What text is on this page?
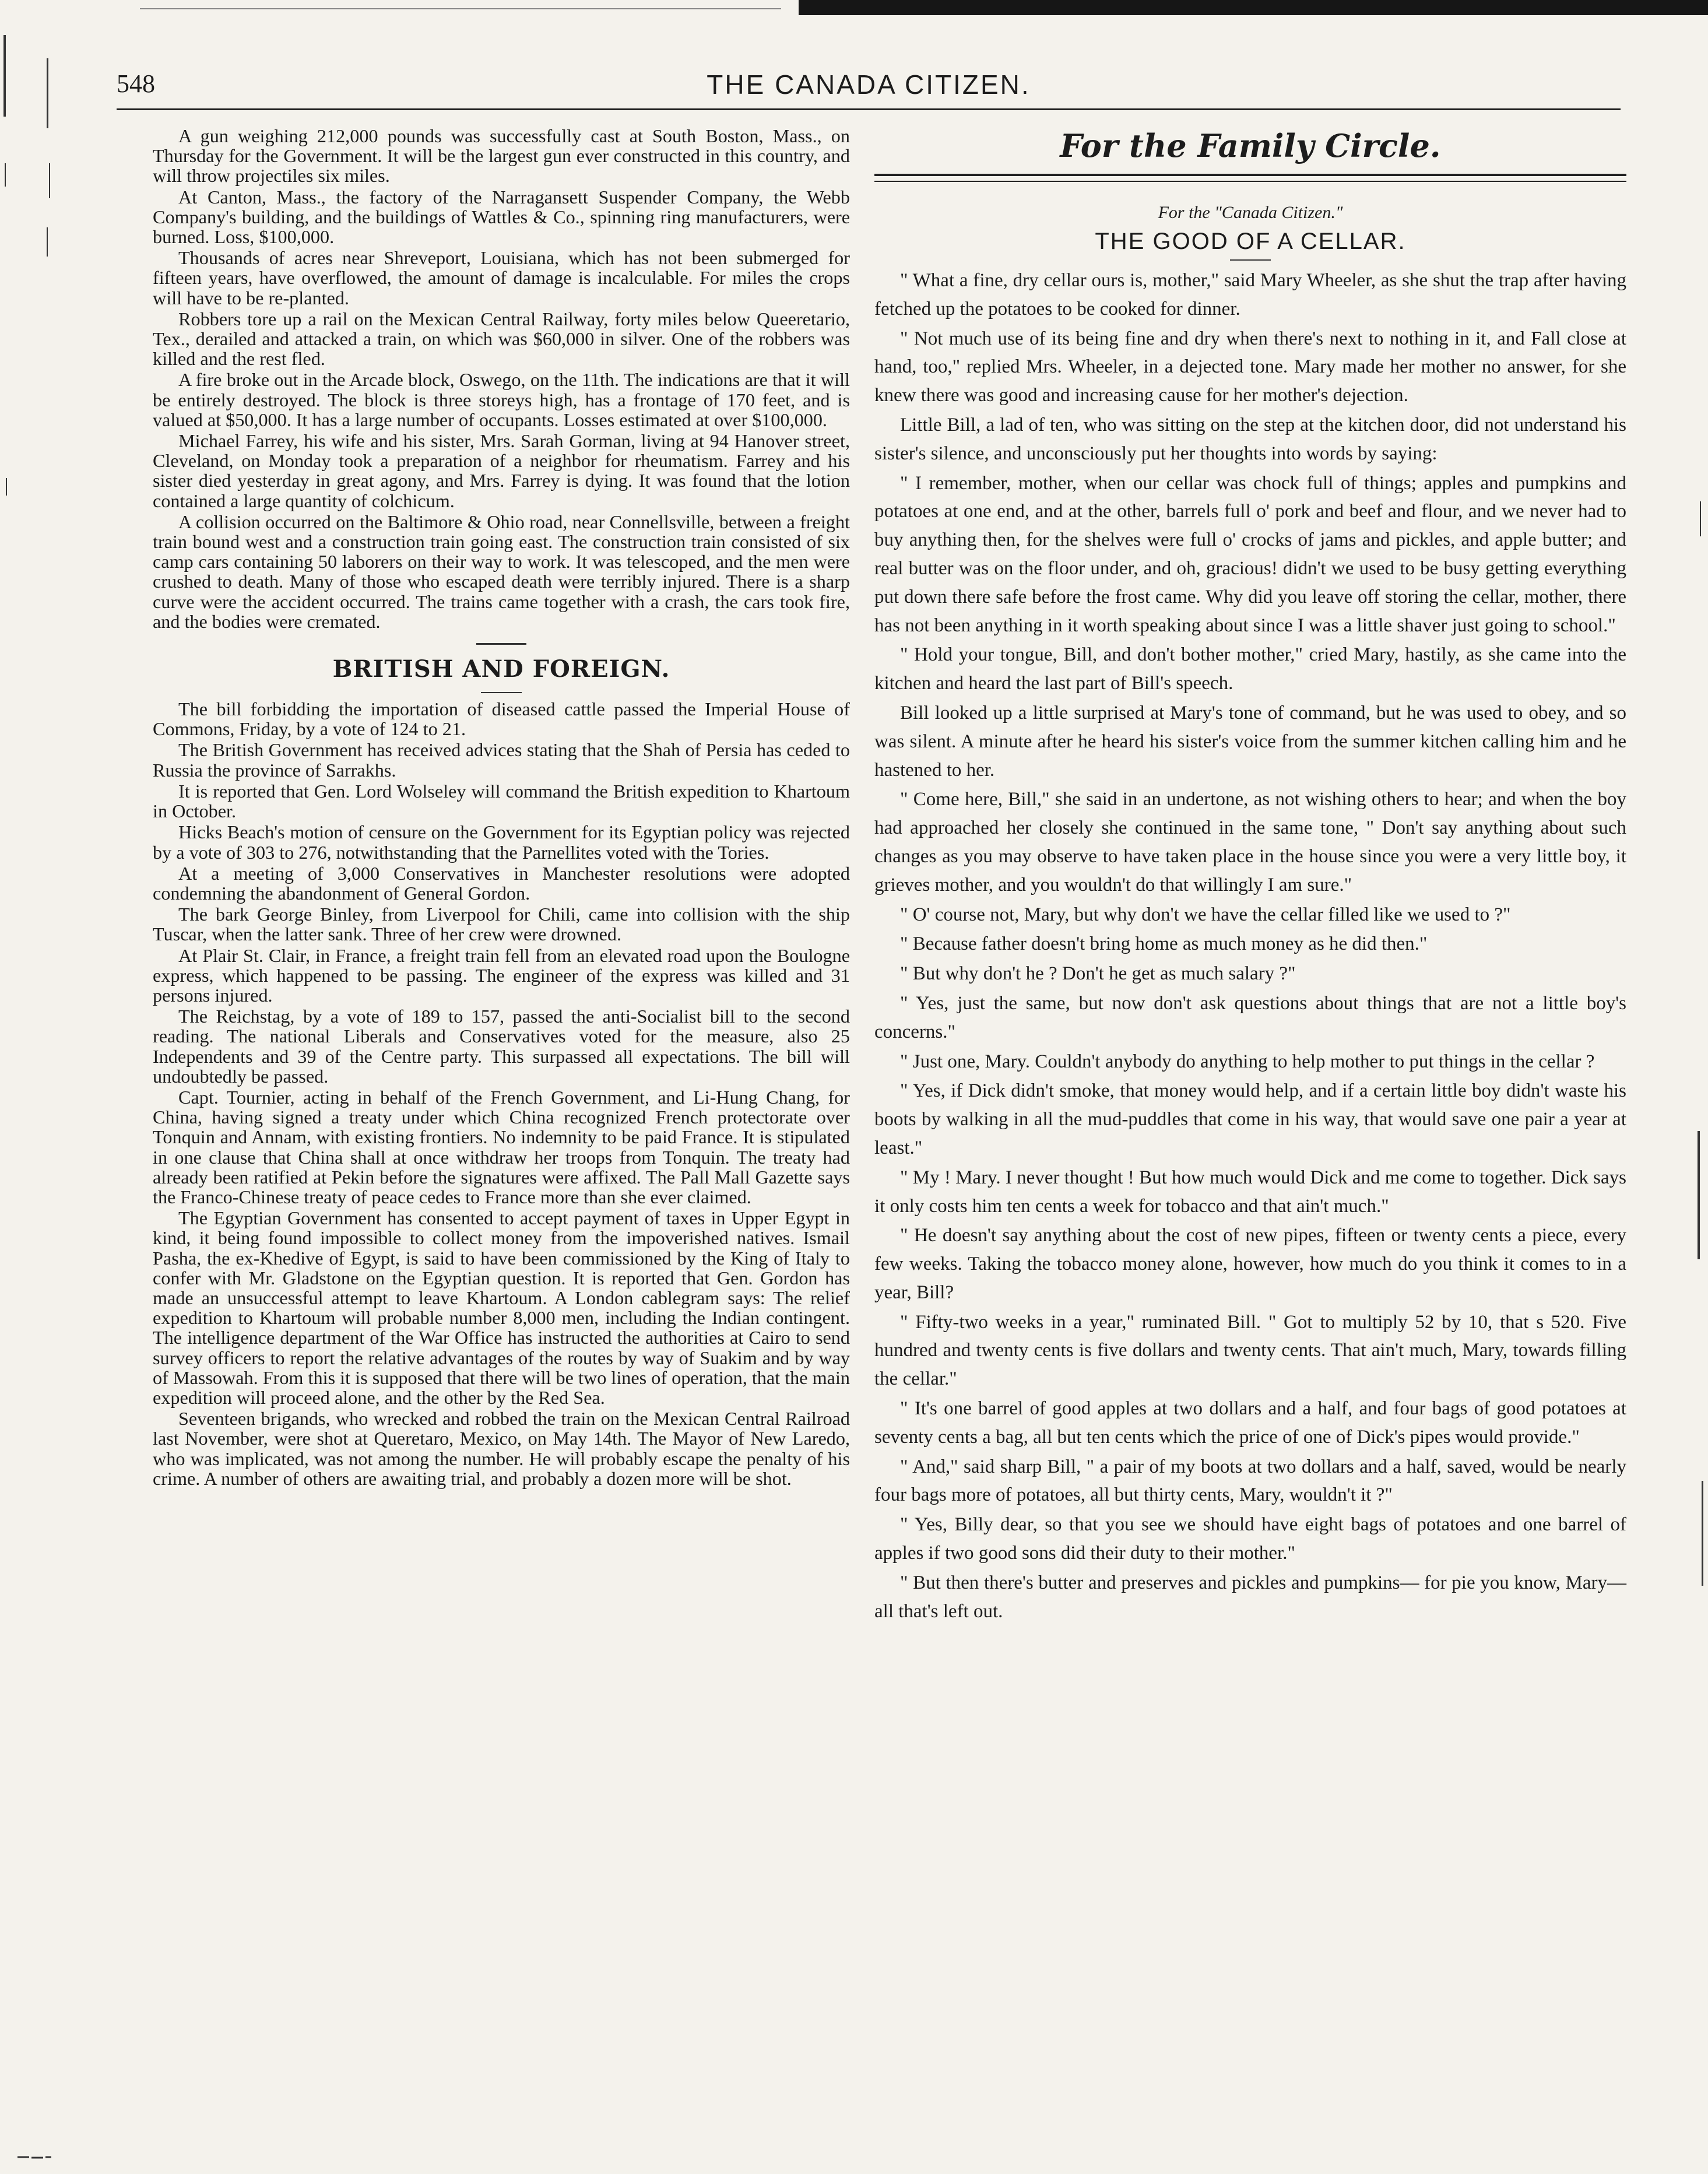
THE CANADA CITIZEN.
548

A gun weighing 212,000 pounds was successfully cast at South Boston, Mass., on Thursday for the Government. It will be the largest gun ever constructed in this country, and will throw projectiles six miles.

At Canton, Mass., the factory of the Narragansett Suspender Company, the Webb Company's building, and the buildings of Wattles & Co., spinning ring manufacturers, were burned. Loss, $100,000.

Thousands of acres near Shreveport, Louisiana, which has not been submerged for fifteen years, have overflowed, the amount of damage is incalculable. For miles the crops will have to be re-planted.

Robbers tore up a rail on the Mexican Central Railway, forty miles below Queeretario, Tex., derailed and attacked a train, on which was $60,000 in silver. One of the robbers was killed and the rest fled.

A fire broke out in the Arcade block, Oswego, on the 11th. The indications are that it will be entirely destroyed. The block is three storeys high, has a frontage of 170 feet, and is valued at $50,000. It has a large number of occupants. Losses estimated at over $100,000.

Michael Farrey, his wife and his sister, Mrs. Sarah Gorman, living at 94 Hanover street, Cleveland, on Monday took a preparation of a neighbor for rheumatism. Farrey and his sister died yesterday in great agony, and Mrs. Farrey is dying. It was found that the lotion contained a large quantity of colchicum.

A collision occurred on the Baltimore & Ohio road, near Connellsville, between a freight train bound west and a construction train going east. The construction train consisted of six camp cars containing 50 laborers on their way to work. It was telescoped, and the men were crushed to death. Many of those who escaped death were terribly injured. There is a sharp curve were the accident occurred. The trains came together with a crash, the cars took fire, and the bodies were cremated.

BRITISH AND FOREIGN.

The bill forbidding the importation of diseased cattle passed the Imperial House of Commons, Friday, by a vote of 124 to 21.

The British Government has received advices stating that the Shah of Persia has ceded to Russia the province of Sarrakhs.

It is reported that Gen. Lord Wolseley will command the British expedition to Khartoum in October.

Hicks Beach's motion of censure on the Government for its Egyptian policy was rejected by a vote of 303 to 276, notwithstanding that the Parnellites voted with the Tories.

At a meeting of 3,000 Conservatives in Manchester resolutions were adopted condemning the abandonment of General Gordon.

The bark George Binley, from Liverpool for Chili, came into collision with the ship Tuscar, when the latter sank. Three of her crew were drowned.

At Plair St. Clair, in France, a freight train fell from an elevated road upon the Boulogne express, which happened to be passing. The engineer of the express was killed and 31 persons injured.

The Reichstag, by a vote of 189 to 157, passed the anti-Socialist bill to the second reading. The national Liberals and Conservatives voted for the measure, also 25 Independents and 39 of the Centre party. This surpassed all expectations. The bill will undoubtedly be passed.

Capt. Tournier, acting in behalf of the French Government, and Li-Hung Chang, for China, having signed a treaty under which China recognized French protectorate over Tonquin and Annam, with existing frontiers. No indemnity to be paid France. It is stipulated in one clause that China shall at once withdraw her troops from Tonquin. The treaty had already been ratified at Pekin before the signatures were affixed. The Pall Mall Gazette says the Franco-Chinese treaty of peace cedes to France more than she ever claimed.

The Egyptian Government has consented to accept payment of taxes in Upper Egypt in kind, it being found impossible to collect money from the impoverished natives. Ismail Pasha, the ex-Khedive of Egypt, is said to have been commissioned by the King of Italy to confer with Mr. Gladstone on the Egyptian question. It is reported that Gen. Gordon has made an unsuccessful attempt to leave Khartoum. A London cablegram says: The relief expedition to Khartoum will probable number 8,000 men, including the Indian contingent. The intelligence department of the War Office has instructed the authorities at Cairo to send survey officers to report the relative advantages of the routes by way of Suakim and by way of Massowah. From this it is supposed that there will be two lines of operation, that the main expedition will proceed alone, and the other by the Red Sea.

Seventeen brigands, who wrecked and robbed the train on the Mexican Central Railroad last November, were shot at Queretaro, Mexico, on May 14th. The Mayor of New Laredo, who was implicated, was not among the number. He will probably escape the penalty of his crime. A number of others are awaiting trial, and probably a dozen more will be shot.

For the Family Circle.
For the "Canada Citizen."
THE GOOD OF A CELLAR.

" What a fine, dry cellar ours is, mother," said Mary Wheeler, as she shut the trap after having fetched up the potatoes to be cooked for dinner.

" Not much use of its being fine and dry when there's next to nothing in it, and Fall close at hand, too," replied Mrs. Wheeler, in a dejected tone. Mary made her mother no answer, for she knew there was good and increasing cause for her mother's dejection.

Little Bill, a lad of ten, who was sitting on the step at the kitchen door, did not understand his sister's silence, and unconsciously put her thoughts into words by saying:

" I remember, mother, when our cellar was chock full of things; apples and pumpkins and potatoes at one end, and at the other, barrels full o' pork and beef and flour, and we never had to buy anything then, for the shelves were full o' crocks of jams and pickles, and apple butter; and real butter was on the floor under, and oh, gracious! didn't we used to be busy getting everything put down there safe before the frost came. Why did you leave off storing the cellar, mother, there has not been anything in it worth speaking about since I was a little shaver just going to school."

" Hold your tongue, Bill, and don't bother mother," cried Mary, hastily, as she came into the kitchen and heard the last part of Bill's speech.

Bill looked up a little surprised at Mary's tone of command, but he was used to obey, and so was silent. A minute after he heard his sister's voice from the summer kitchen calling him and he hastened to her.

" Come here, Bill," she said in an undertone, as not wishing others to hear; and when the boy had approached her closely she continued in the same tone, " Don't say anything about such changes as you may observe to have taken place in the house since you were a very little boy, it grieves mother, and you wouldn't do that willingly I am sure."

" O' course not, Mary, but why don't we have the cellar filled like we used to ?"

" Because father doesn't bring home as much money as he did then."

" But why don't he ? Don't he get as much salary ?"

" Yes, just the same, but now don't ask questions about things that are not a little boy's concerns."

" Just one, Mary. Couldn't anybody do anything to help mother to put things in the cellar ?

" Yes, if Dick didn't smoke, that money would help, and if a certain little boy didn't waste his boots by walking in all the mud-puddles that come in his way, that would save one pair a year at least."

" My ! Mary. I never thought ! But how much would Dick and me come to together. Dick says it only costs him ten cents a week for tobacco and that ain't much."

" He doesn't say anything about the cost of new pipes, fifteen or twenty cents a piece, every few weeks. Taking the tobacco money alone, however, how much do you think it comes to in a year, Bill?

" Fifty-two weeks in a year," ruminated Bill. " Got to multiply 52 by 10, that s 520. Five hundred and twenty cents is five dollars and twenty cents. That ain't much, Mary, towards filling the cellar."

" It's one barrel of good apples at two dollars and a half, and four bags of good potatoes at seventy cents a bag, all but ten cents which the price of one of Dick's pipes would provide."

" And," said sharp Bill, " a pair of my boots at two dollars and a half, saved, would be nearly four bags more of potatoes, all but thirty cents, Mary, wouldn't it ?"

" Yes, Billy dear, so that you see we should have eight bags of potatoes and one barrel of apples if two good sons did their duty to their mother."

" But then there's butter and preserves and pickles and pumpkins— for pie you know, Mary—all that's left out.
